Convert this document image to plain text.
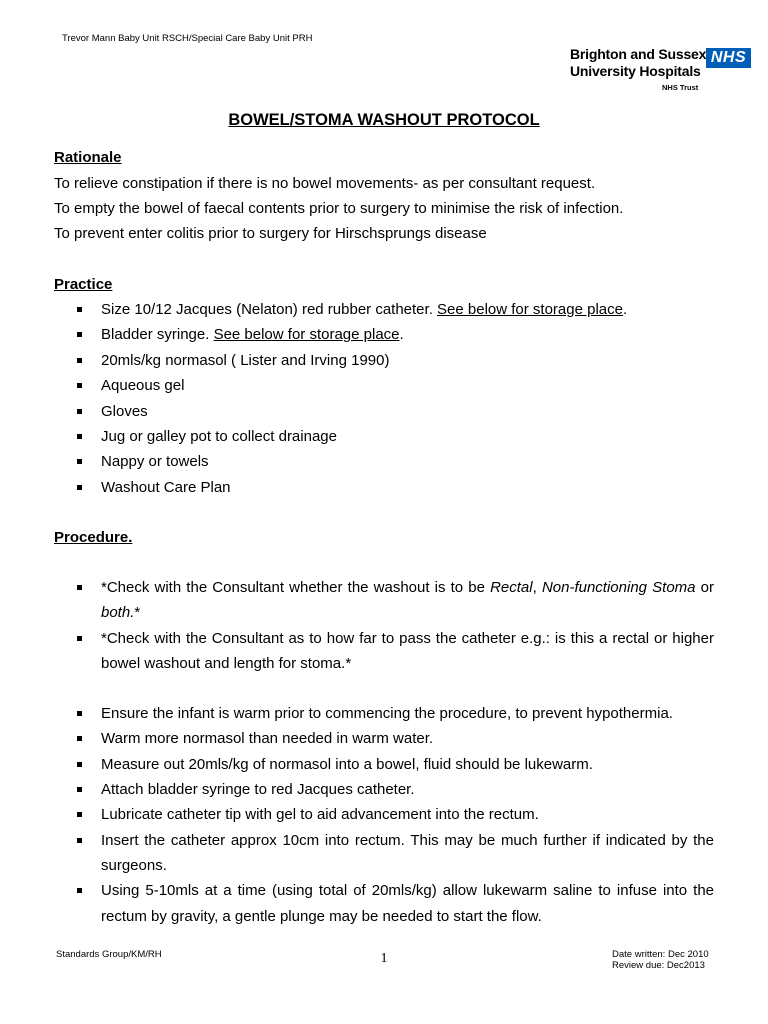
Trevor Mann Baby Unit RSCH/Special Care Baby Unit PRH
Brighton and Sussex
University Hospitals
NHS
NHS Trust
BOWEL/STOMA WASHOUT PROTOCOL
Rationale
To relieve constipation if there is no bowel movements- as per consultant request.
To empty the bowel of faecal contents prior to surgery to minimise the risk of infection.
To prevent enter colitis prior to surgery for Hirschsprungs disease
Practice
Size 10/12 Jacques (Nelaton) red rubber catheter. See below for storage place.
Bladder syringe. See below for storage place.
20mls/kg normasol ( Lister and Irving 1990)
Aqueous gel
Gloves
Jug or galley pot to collect drainage
Nappy or towels
Washout Care Plan
Procedure.
*Check with the Consultant whether the washout is to be Rectal, Non-functioning Stoma or both.*
*Check with the Consultant as to how far to pass the catheter e.g.: is this a rectal or higher bowel washout and length for stoma.*
Ensure the infant is warm prior to commencing the procedure, to prevent hypothermia.
Warm more normasol than needed in warm water.
Measure out 20mls/kg of normasol into a bowel, fluid should be lukewarm.
Attach bladder syringe to red Jacques catheter.
Lubricate catheter tip with gel to aid advancement into the rectum.
Insert the catheter approx 10cm into rectum. This may be much further if indicated by the surgeons.
Using 5-10mls at a time (using total of 20mls/kg) allow lukewarm saline to infuse into the rectum by gravity, a gentle plunge may be needed to start the flow.
Standards Group/KM/RH	1	Date written: Dec 2010
Review due: Dec2013
